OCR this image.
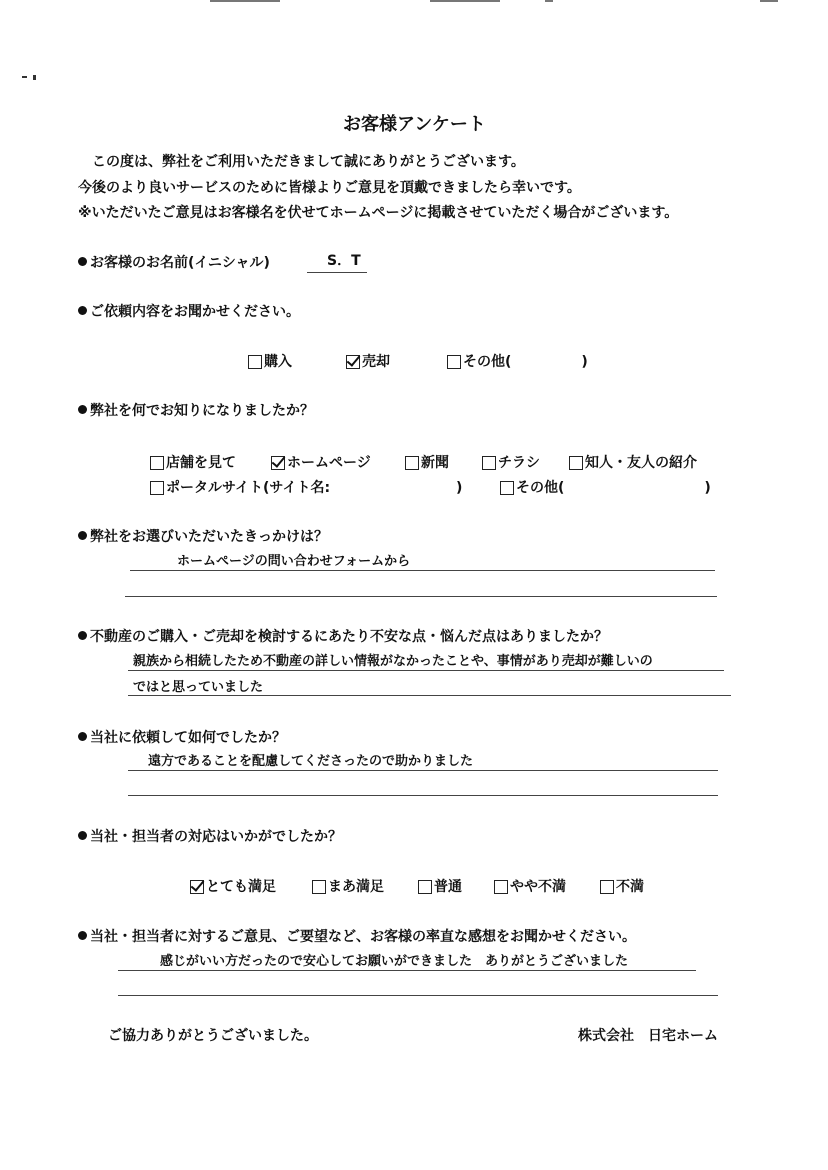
お客様アンケート
この度は、弊社をご利用いただきまして誠にありがとうございます。
今後のより良いサービスのために皆様よりご意見を頂戴できましたら幸いです。
※いただいたご意見はお客様名を伏せてホームページに掲載させていただく場合がございます。
お客様のお名前(イニシャル)	S．T
ご依頼内容をお聞かせください。
購入	売却	その他(　　　　　)
弊社を何でお知りになりましたか？
店舗を見て	ホームページ	新聞	チラシ	知人・友人の紹介
ポータルサイト(サイト名:　　　　　　　　　)	その他(　　　　　　　　　　)
弊社をお選びいただいたきっかけは？
ホームページの問い合わせフォームから
不動産のご購入・ご売却を検討するにあたり不安な点・悩んだ点はありましたか？
親族から相続したため不動産の詳しい情報がなかったことや、事情があり売却が難しいの
ではと思っていました
当社に依頼して如何でしたか？
遠方であることを配慮してくださったので助かりました
当社・担当者の対応はいかがでしたか？
とても満足	まあ満足	普通	やや不満	不満
当社・担当者に対するご意見、ご要望など、お客様の率直な感想をお聞かせください。
感じがいい方だったので安心してお願いができました　ありがとうございました
ご協力ありがとうございました。	株式会社　日宅ホーム
